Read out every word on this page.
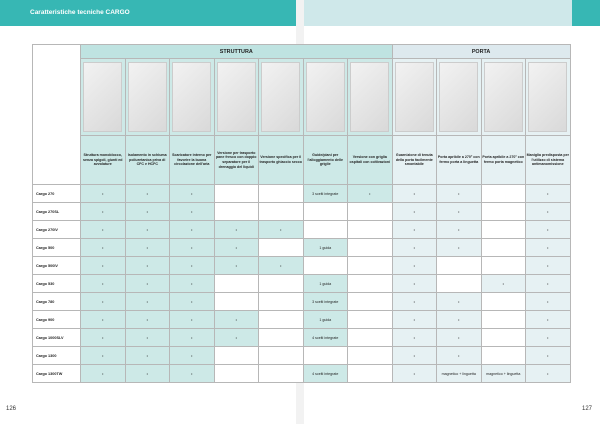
Caratteristiche tecniche CARGO
	STRUTTURA							PORTA			

	Struttura monoblocco, senza spigoli, giunti ed avvolature	Isolamento in schiuma poliuretanica priva di CFC e HCFC	Scaricatore interno per favorire la buona circolazione dell'aria	Versione per trasporto pane fresco con doppio separatore per il drenaggio del liquidi	Versione specifica per il trasporto ghiaccio secco	Guide/piani per l'alloggiamento delle griglie	Versione con griglia ospitali con coltivazioni	Guarnizione di tenuta della porta facilmente smontabile	Porta apribile a 270° con fermo porta a linguetta	Porta apribile a 270° con fermo porta magnetico	Maniglia predisposta per l'utilizzo di sistema antimanomissione
Cargo 270	•	•	•			3 scelti integrate	•	•	•		•
Cargo 270SL	•	•	•					•	•		•
Cargo 270IV	•	•	•	•	•			•	•		•
Cargo 500	•	•	•	•		1 guida		•	•		•
Cargo 500IV	•	•	•	•	•			•			•
Cargo 530	•	•	•			1 guida		•		•	•
Cargo 780	•	•	•			3 scelti integrate		•	•		•
Cargo 900	•	•	•	•		1 guida		•	•		•
Cargo 1000SLV	•	•	•	•		4 scelti integrate		•	•		•
Cargo 1300	•	•	•					•	•		•
Cargo 1300TW	•	•	•			4 scelti integrate		•	magnetico + linguetta	magnetico + linguetta	•
126	127
